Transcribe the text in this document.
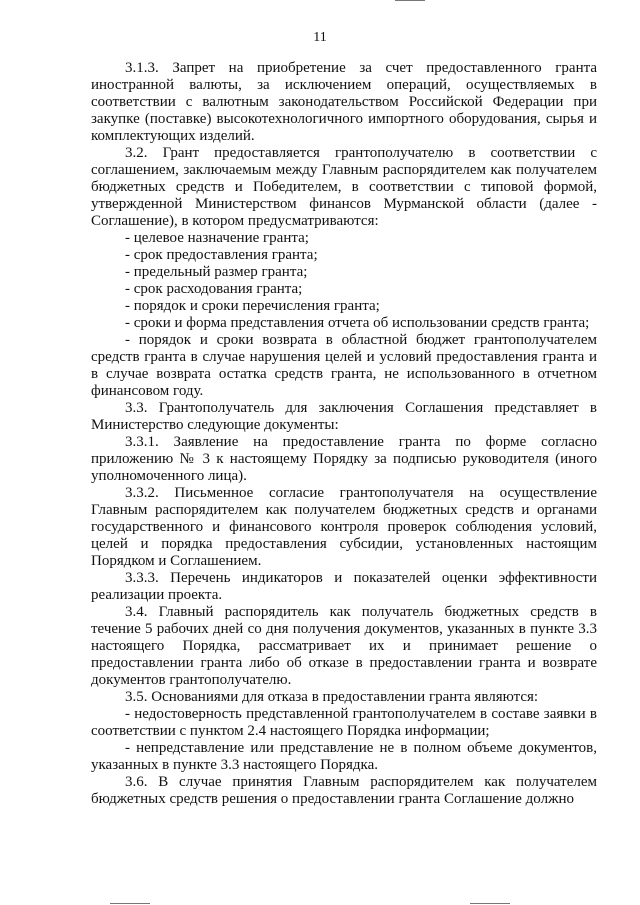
11

3.1.3. Запрет на приобретение за счет предоставленного гранта иностранной валюты, за исключением операций, осуществляемых в соответствии с валютным законодательством Российской Федерации при закупке (поставке) высокотехнологичного импортного оборудования, сырья и комплектующих изделий.

3.2. Грант предоставляется грантополучателю в соответствии с соглашением, заключаемым между Главным распорядителем как получателем бюджетных средств и Победителем, в соответствии с типовой формой, утвержденной Министерством финансов Мурманской области (далее - Соглашение), в котором предусматриваются:

- целевое назначение гранта;

- срок предоставления гранта;

- предельный размер гранта;

- срок расходования гранта;

- порядок и сроки перечисления гранта;

- сроки и форма представления отчета об использовании средств гранта;

- порядок и сроки возврата в областной бюджет грантополучателем средств гранта в случае нарушения целей и условий предоставления гранта и в случае возврата остатка средств гранта, не использованного в отчетном финансовом году.

3.3. Грантополучатель для заключения Соглашения представляет в Министерство следующие документы:

3.3.1. Заявление на предоставление гранта по форме согласно приложению № 3 к настоящему Порядку за подписью руководителя (иного уполномоченного лица).

3.3.2. Письменное согласие грантополучателя на осуществление Главным распорядителем как получателем бюджетных средств и органами государственного и финансового контроля проверок соблюдения условий, целей и порядка предоставления субсидии, установленных настоящим Порядком и Соглашением.

3.3.3. Перечень индикаторов и показателей оценки эффективности реализации проекта.

3.4. Главный распорядитель как получатель бюджетных средств в течение 5 рабочих дней со дня получения документов, указанных в пункте 3.3 настоящего Порядка, рассматривает их и принимает решение о предоставлении гранта либо об отказе в предоставлении гранта и возврате документов грантополучателю.

3.5. Основаниями для отказа в предоставлении гранта являются:

- недостоверность представленной грантополучателем в составе заявки в соответствии с пунктом 2.4 настоящего Порядка информации;

- непредставление или представление не в полном объеме документов, указанных в пункте 3.3 настоящего Порядка.

3.6. В случае принятия Главным распорядителем как получателем бюджетных средств решения о предоставлении гранта Соглашение должно
